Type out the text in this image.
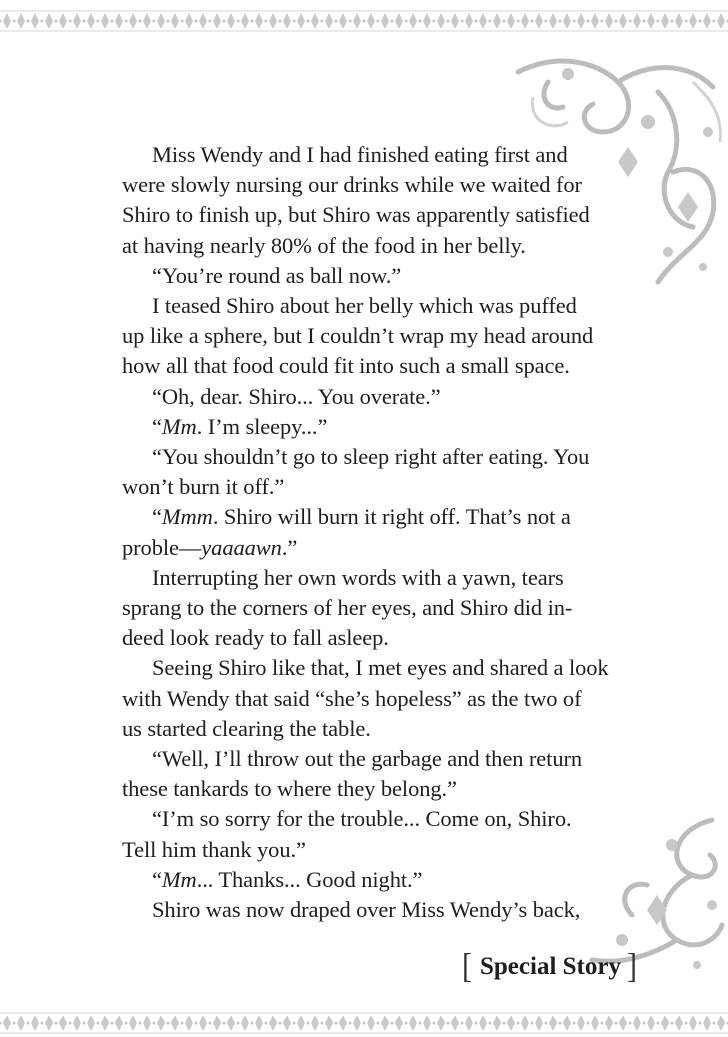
Miss Wendy and I had finished eating first and
were slowly nursing our drinks while we waited for
Shiro to finish up, but Shiro was apparently satisfied
at having nearly 80% of the food in her belly.
“You’re round as ball now.”
I teased Shiro about her belly which was puffed
up like a sphere, but I couldn’t wrap my head around
how all that food could fit into such a small space.
“Oh, dear. Shiro... You overate.”
“Mm. I’m sleepy...”
“You shouldn’t go to sleep right after eating. You
won’t burn it off.”
“Mmm. Shiro will burn it right off. That’s not a
proble—yaaaawn.”
Interrupting her own words with a yawn, tears
sprang to the corners of her eyes, and Shiro did in-
deed look ready to fall asleep.
Seeing Shiro like that, I met eyes and shared a look
with Wendy that said “she’s hopeless” as the two of
us started clearing the table.
“Well, I’ll throw out the garbage and then return
these tankards to where they belong.”
“I’m so sorry for the trouble... Come on, Shiro.
Tell him thank you.”
“Mm... Thanks... Good night.”
Shiro was now draped over Miss Wendy’s back,
[ Special Story ]
